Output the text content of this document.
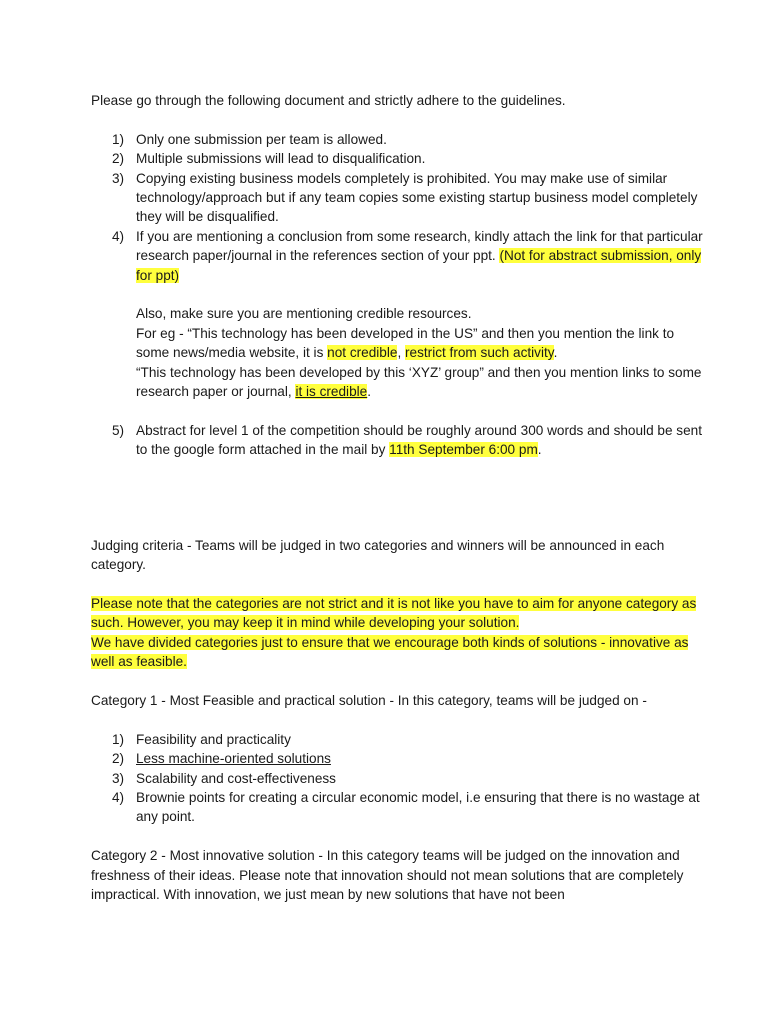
Please go through the following document and strictly adhere to the guidelines.

1) Only one submission per team is allowed.
2) Multiple submissions will lead to disqualification.
3) Copying existing business models completely is prohibited. You may make use of similar technology/approach but if any team copies some existing startup business model completely they will be disqualified.
4) If you are mentioning a conclusion from some research, kindly attach the link for that particular research paper/journal in the references section of your ppt. (Not for abstract submission, only for ppt)

Also, make sure you are mentioning credible resources.

For eg - “This technology has been developed in the US” and then you mention the link to some news/media website, it is not credible, restrict from such activity.

“This technology has been developed by this ‘XYZ’ group” and then you mention links to some research paper or journal, it is credible.

5) Abstract for level 1 of the competition should be roughly around 300 words and should be sent to the google form attached in the mail by 11th September 6:00 pm.

Judging criteria - Teams will be judged in two categories and winners will be announced in each category.

Please note that the categories are not strict and it is not like you have to aim for anyone category as such. However, you may keep it in mind while developing your solution.

We have divided categories just to ensure that we encourage both kinds of solutions - innovative as well as feasible.

Category 1 - Most Feasible and practical solution - In this category, teams will be judged on -

1) Feasibility and practicality
2) Less machine-oriented solutions
3) Scalability and cost-effectiveness
4) Brownie points for creating a circular economic model, i.e ensuring that there is no wastage at any point.

Category 2 - Most innovative solution - In this category teams will be judged on the innovation and freshness of their ideas. Please note that innovation should not mean solutions that are completely impractical. With innovation, we just mean by new solutions that have not been
